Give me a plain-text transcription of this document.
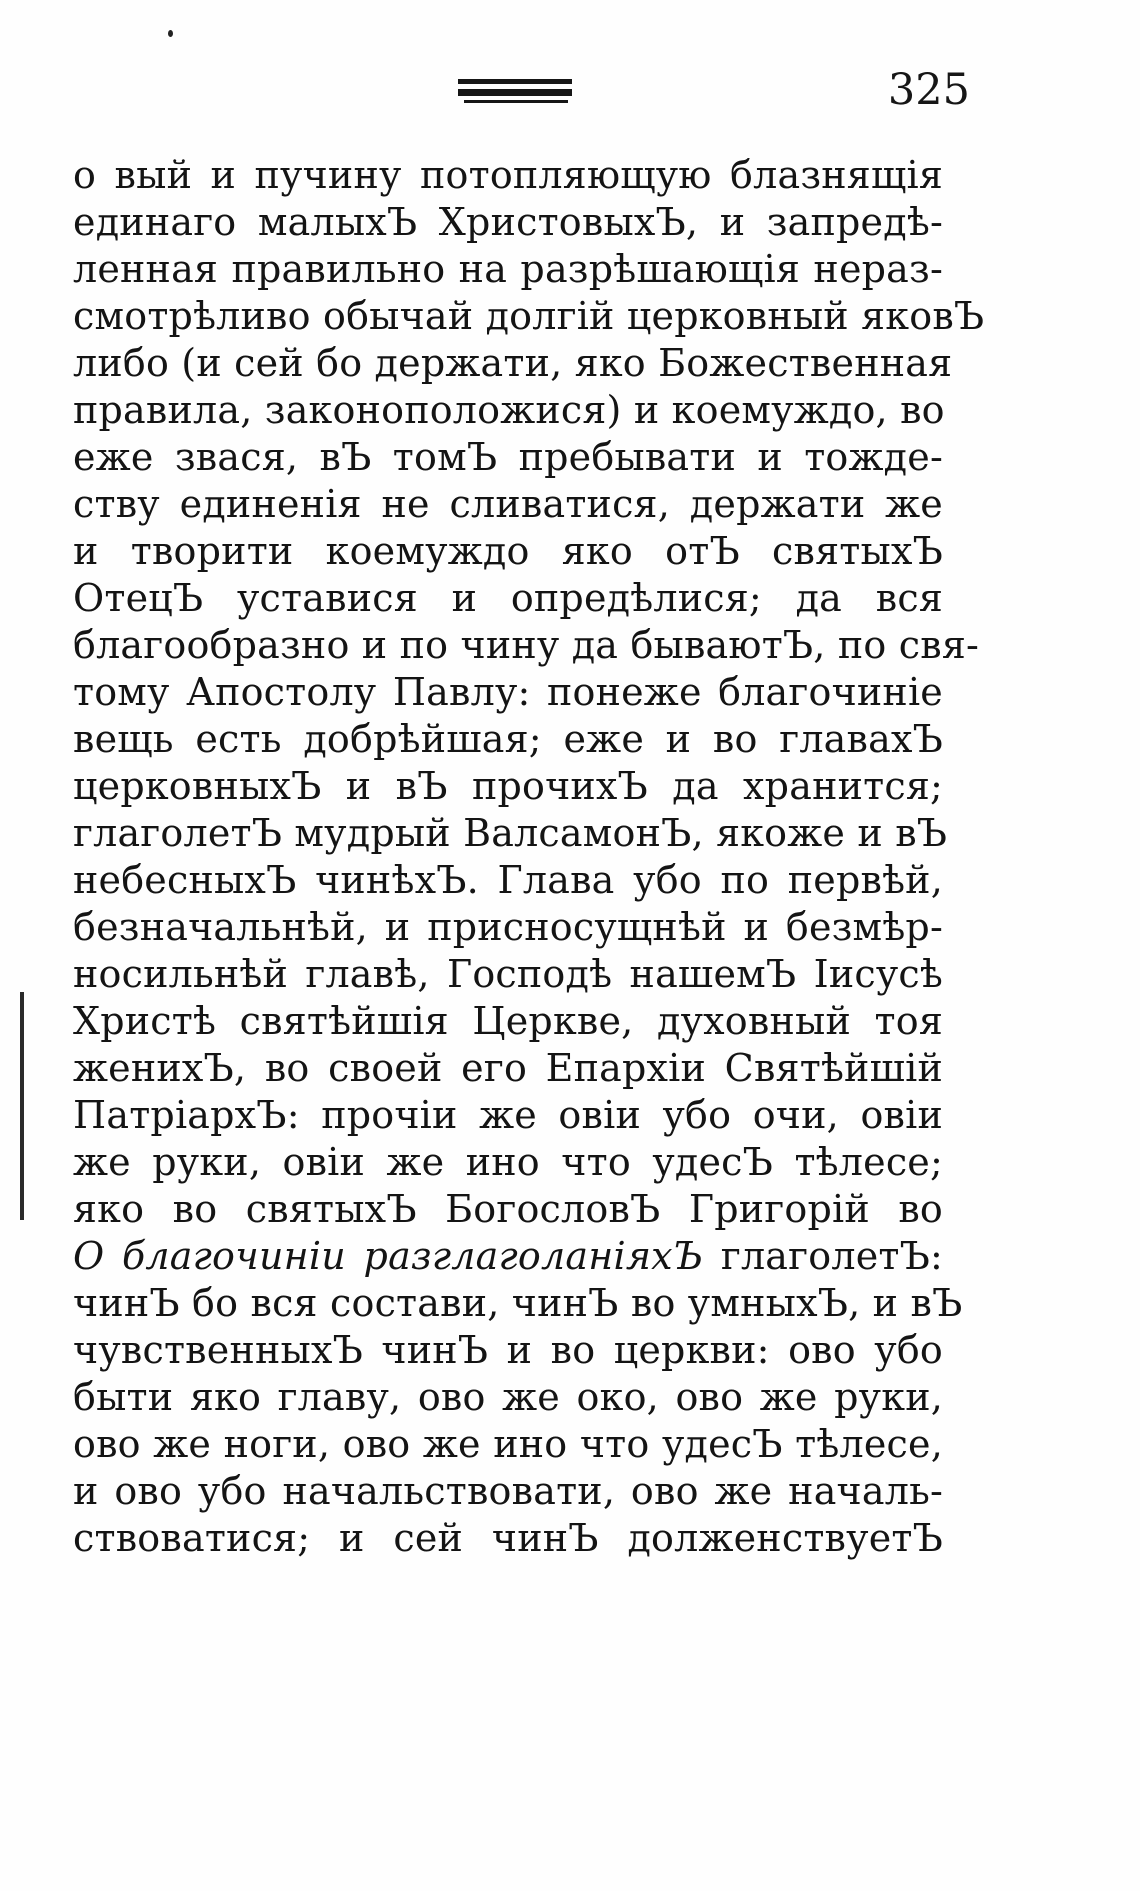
325
о вый и пучину потопляющую блазнящія
единаго малыхЪ ХристовыхЪ, и запредѣ-
ленная правильно на разрѣшающія нераз-
смотрѣливо обычай долгій церковный яковЪ
либо (и сей бо держати, яко Божественная
правила, законоположися) и коемуждо, во
еже звася, вЪ томЪ пребывати и тожде-
ству единенія не сливатися, держати же
и творити коемуждо яко отЪ святыхЪ
ОтецЪ уставися и опредѣлися; да вся
благообразно и по чину да бываютЪ, по свя-
тому Апостолу Павлу: понеже благочиніе
вещь есть добрѣйшая; еже и во главахЪ
церковныхЪ и вЪ прочихЪ да хранится;
глаголетЪ мудрый ВалсамонЪ, якоже и вЪ
небесныхЪ чинѣхЪ. Глава убо по первѣй,
безначальнѣй, и присносущнѣй и безмѣр-
носильнѣй главѣ, Господѣ нашемЪ Іисусѣ
Христѣ святѣйшія Церкве, духовный тоя
женихЪ, во своей его Епархіи Святѣйшій
ПатріархЪ: прочіи же овіи убо очи, овіи
же руки, овіи же ино что удесЪ тѣлесе;
яко во святыхЪ БогословЪ Григорій во
О благочиніи разглаголаніяхЪ глаголетЪ:
чинЪ бо вся состави, чинЪ во умныхЪ, и вЪ
чувственныхЪ чинЪ и во церкви: ово убо
быти яко главу, ово же око, ово же руки,
ово же ноги, ово же ино что удесЪ тѣлесе,
и ово убо начальствовати, ово же началь-
ствоватися; и сей чинЪ долженствуетЪ
